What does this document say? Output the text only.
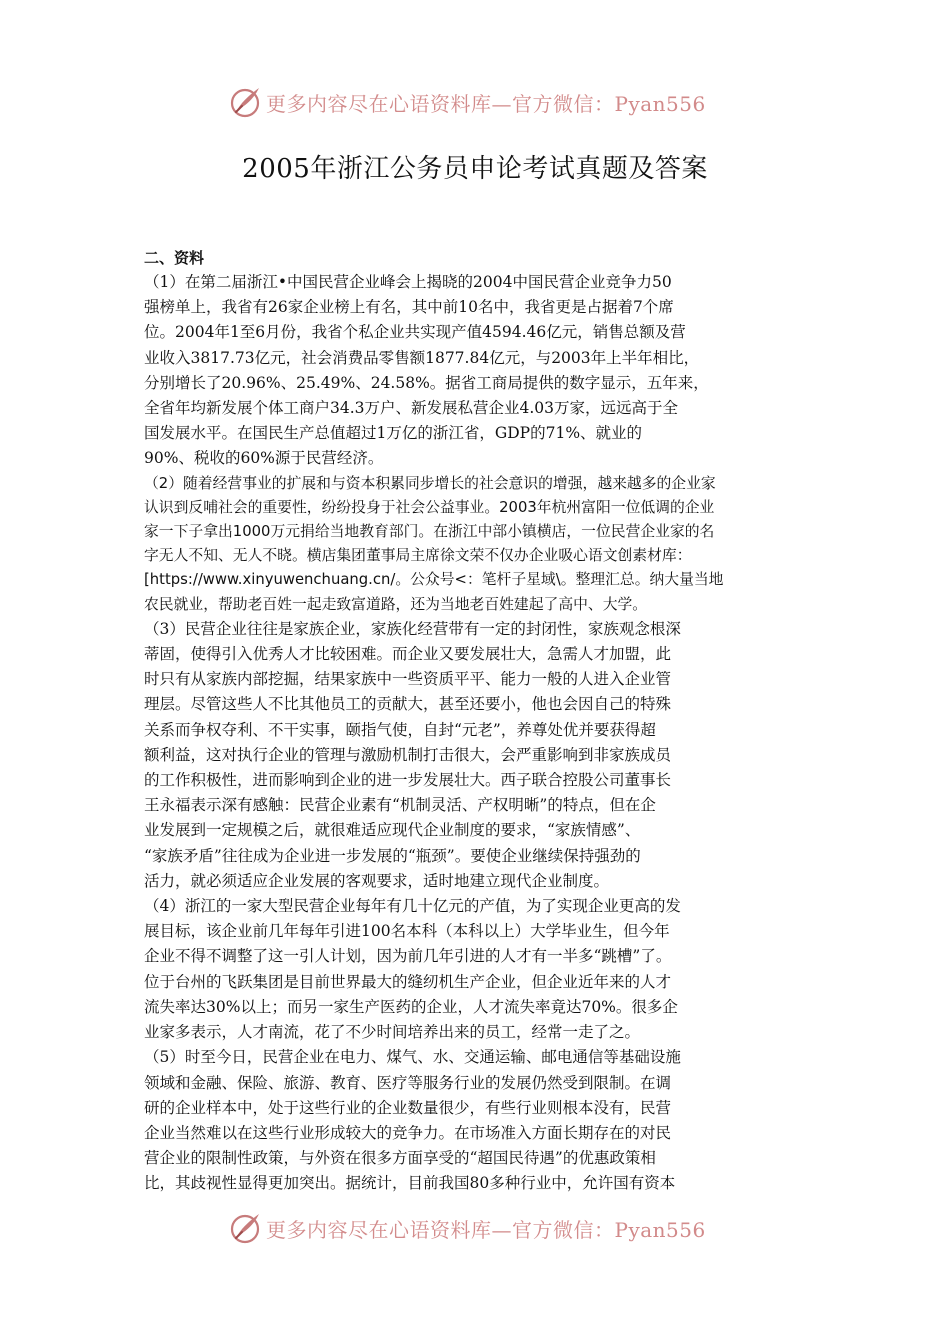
更多内容尽在心语资料库—官方微信：Pyan556
2005年浙江公务员申论考试真题及答案

二、资料

（1）在第二届浙江•中国民营企业峰会上揭晓的2004中国民营企业竞争力50
强榜单上，我省有26家企业榜上有名，其中前10名中，我省更是占据着7个席
位。2004年1至6月份，我省个私企业共实现产值4594.46亿元，销售总额及营
业收入3817.73亿元，社会消费品零售额1877.84亿元，与2003年上半年相比，
分别增长了20.96%、25.49%、24.58%。据省工商局提供的数字显示，五年来，
全省年均新发展个体工商户34.3万户、新发展私营企业4.03万家，远远高于全
国发展水平。在国民生产总值超过1万亿的浙江省，GDP的71%、就业的
90%、税收的60%源于民营经济。

（2）随着经营事业的扩展和与资本积累同步增长的社会意识的增强，越来越多的企业家
认识到反哺社会的重要性，纷纷投身于社会公益事业。2003年杭州富阳一位低调的企业
家一下子拿出1000万元捐给当地教育部门。在浙江中部小镇横店，一位民营企业家的名
字无人不知、无人不晓。横店集团董事局主席徐文荣不仅办企业吸心语文创素材库：
[https://www.xinyuwenchuang.cn/。公众号<：笔杆子星域\。整理汇总。纳大量当地
农民就业，帮助老百姓一起走致富道路，还为当地老百姓建起了高中、大学。

（3）民营企业往往是家族企业，家族化经营带有一定的封闭性，家族观念根深
蒂固，使得引入优秀人才比较困难。而企业又要发展壮大，急需人才加盟，此
时只有从家族内部挖掘，结果家族中一些资质平平、能力一般的人进入企业管
理层。尽管这些人不比其他员工的贡献大，甚至还要小，他也会因自己的特殊
关系而争权夺利、不干实事，颐指气使，自封“元老”，养尊处优并要获得超
额利益，这对执行企业的管理与激励机制打击很大，会严重影响到非家族成员
的工作积极性，进而影响到企业的进一步发展壮大。西子联合控股公司董事长
王永福表示深有感触：民营企业素有“机制灵活、产权明晰”的特点，但在企
业发展到一定规模之后，就很难适应现代企业制度的要求，“家族情感”、
“家族矛盾”往往成为企业进一步发展的“瓶颈”。要使企业继续保持强劲的
活力，就必须适应企业发展的客观要求，适时地建立现代企业制度。

（4）浙江的一家大型民营企业每年有几十亿元的产值，为了实现企业更高的发
展目标，该企业前几年每年引进100名本科（本科以上）大学毕业生，但今年
企业不得不调整了这一引人计划，因为前几年引进的人才有一半多“跳槽”了。
位于台州的飞跃集团是目前世界最大的缝纫机生产企业，但企业近年来的人才
流失率达30%以上；而另一家生产医药的企业，人才流失率竟达70%。很多企
业家多表示，人才南流，花了不少时间培养出来的员工，经常一走了之。

（5）时至今日，民营企业在电力、煤气、水、交通运输、邮电通信等基础设施
领域和金融、保险、旅游、教育、医疗等服务行业的发展仍然受到限制。在调
研的企业样本中，处于这些行业的企业数量很少，有些行业则根本没有，民营
企业当然难以在这些行业形成较大的竞争力。在市场准入方面长期存在的对民
营企业的限制性政策，与外资在很多方面享受的“超国民待遇”的优惠政策相
比，其歧视性显得更加突出。据统计，目前我国80多种行业中，允许国有资本

更多内容尽在心语资料库—官方微信：Pyan556
